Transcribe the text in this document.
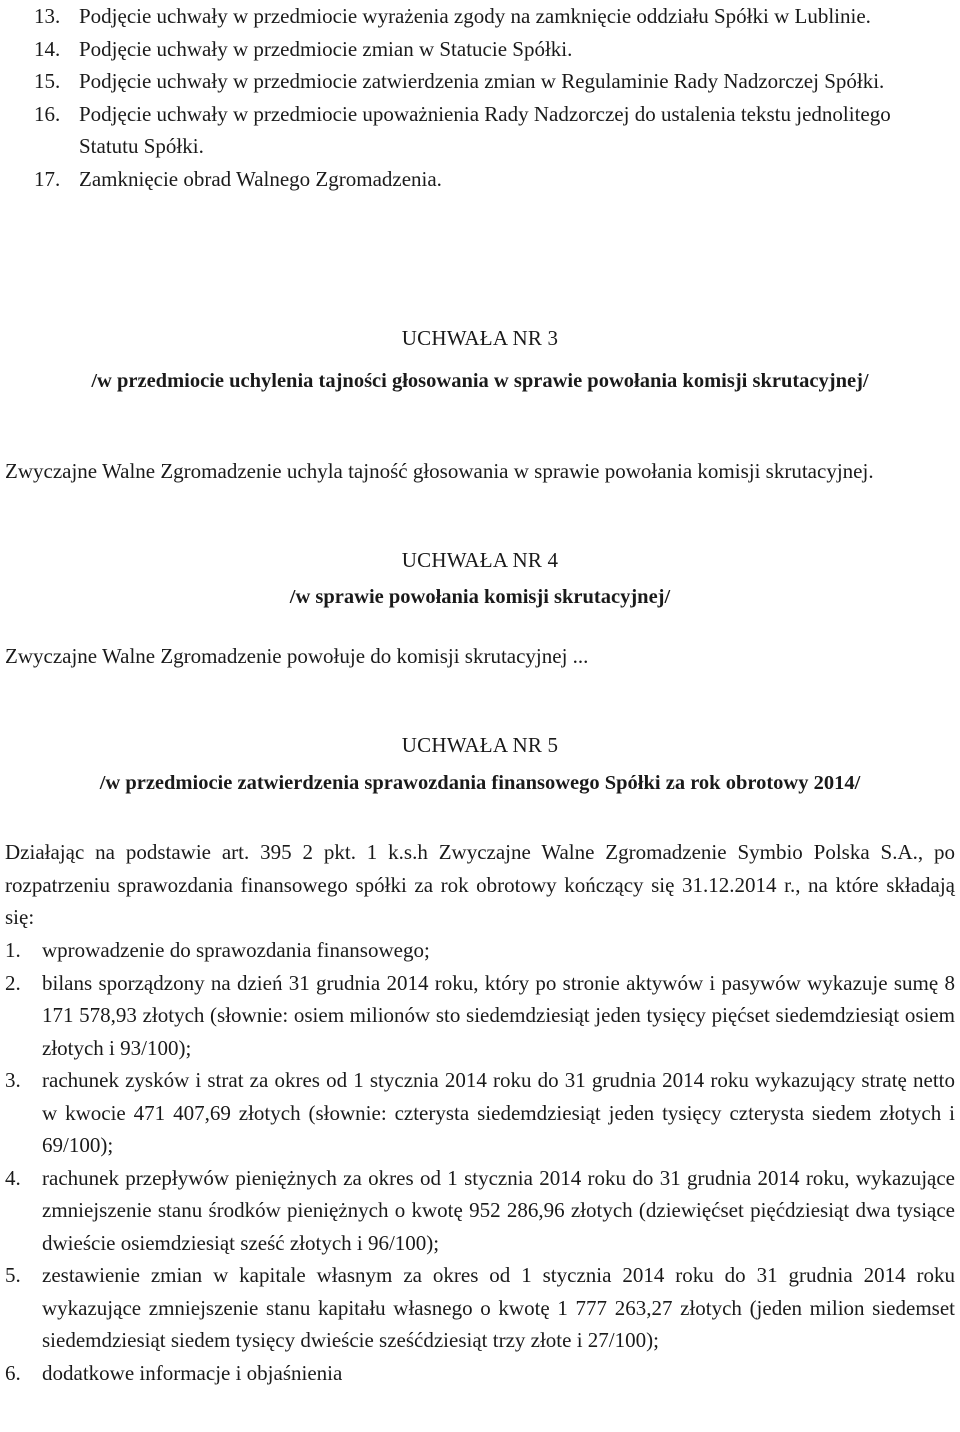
13. Podjęcie uchwały w przedmiocie wyrażenia zgody na zamknięcie oddziału Spółki w Lublinie.
14. Podjęcie uchwały w przedmiocie zmian w Statucie Spółki.
15. Podjęcie uchwały w przedmiocie zatwierdzenia zmian w Regulaminie Rady Nadzorczej Spółki.
16. Podjęcie uchwały w przedmiocie upoważnienia Rady Nadzorczej do ustalenia tekstu jednolitego Statutu Spółki.
17. Zamknięcie obrad Walnego Zgromadzenia.
UCHWAŁA NR 3
/w przedmiocie uchylenia tajności głosowania w sprawie powołania komisji skrutacyjnej/
Zwyczajne Walne Zgromadzenie uchyla tajność głosowania w sprawie powołania komisji skrutacyjnej.
UCHWAŁA NR 4
/w sprawie powołania komisji skrutacyjnej/
Zwyczajne Walne Zgromadzenie powołuje do komisji skrutacyjnej ...
UCHWAŁA NR 5
/w przedmiocie zatwierdzenia sprawozdania finansowego Spółki za rok obrotowy 2014/
Działając na podstawie art. 395 2 pkt. 1 k.s.h Zwyczajne Walne Zgromadzenie Symbio Polska S.A., po rozpatrzeniu sprawozdania finansowego spółki za rok obrotowy kończący się 31.12.2014 r., na które składają się:
1.	wprowadzenie do sprawozdania finansowego;
2.	bilans sporządzony na dzień 31 grudnia 2014 roku, który po stronie aktywów i pasywów wykazuje sumę 8 171 578,93 złotych (słownie: osiem milionów sto siedemdziesiąt jeden tysięcy pięćset siedemdziesiąt osiem złotych i 93/100);
3.	rachunek zysków i strat za okres od 1 stycznia 2014 roku do 31 grudnia 2014 roku wykazujący stratę netto w kwocie 471 407,69 złotych (słownie: czterysta siedemdziesiąt jeden tysięcy czterysta siedem złotych i 69/100);
4.	rachunek przepływów pieniężnych za okres od 1 stycznia 2014 roku do 31 grudnia 2014 roku, wykazujące zmniejszenie stanu środków pieniężnych o kwotę 952 286,96 złotych (dziewięćset pięćdziesiąt dwa tysiące dwieście osiemdziesiąt sześć złotych i 96/100);
5.	zestawienie zmian w kapitale własnym za okres od 1 stycznia 2014 roku do 31 grudnia 2014 roku wykazujące zmniejszenie stanu kapitału własnego o kwotę 1 777 263,27 złotych (jeden milion siedemset siedemdziesiąt siedem tysięcy dwieście sześćdziesiąt trzy złote i 27/100);
6.	dodatkowe informacje i objaśnienia
